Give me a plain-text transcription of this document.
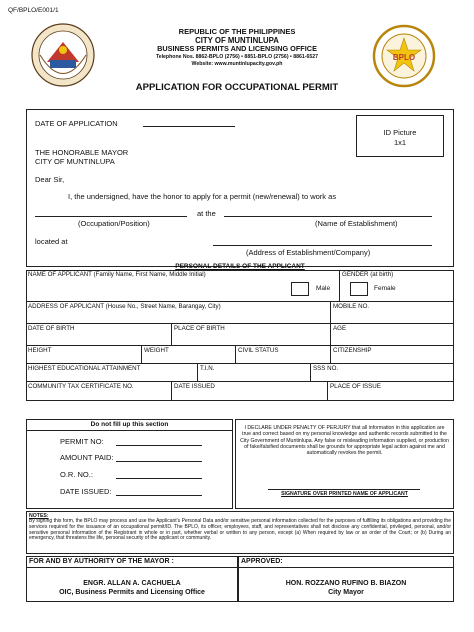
QF/BPLO/E001/1
BPLO
REPUBLIC OF THE PHILIPPINES
CITY OF MUNTINLUPA
BUSINESS PERMITS AND LICENSING OFFICE
Telephone Nos. 8862-BPLO (2756) • 8851-BPLO (2756) • 8861-6527
Website: www.muntinlupacity.gov.ph
APPLICATION FOR OCCUPATIONAL PERMIT
DATE OF APPLICATION
ID Picture
1x1
THE HONORABLE MAYOR
CITY OF MUNTINLUPA
Dear Sir,
I, the undersigned, have the honor to apply for a permit (new/renewal) to work as
at the
(Occupation/Position)	(Name of Establishment)
located at
(Address of Establishment/Company)
PERSONAL DETAILS OF THE APPLICANT
NAME OF APPLICANT (Family Name, First Name, Middle Initial)	GENDER (at birth)
Male	Female
ADDRESS OF APPLICANT (House No., Street Name, Barangay, City)	MOBILE NO.
DATE OF BIRTH	PLACE OF BIRTH	AGE
HEIGHT	WEIGHT	CIVIL STATUS	CITIZENSHIP
HIGHEST EDUCATIONAL ATTAINMENT	T.I.N.	SSS NO.
COMMUNITY TAX CERTIFICATE NO.	DATE ISSUED	PLACE OF ISSUE
Do not fill up this section
PERMIT NO:
AMOUNT PAID:
O.R. NO.:
DATE ISSUED:
I DECLARE UNDER PENALTY OF PERJURY that all information in this application are true and correct based on my personal knowledge and authentic records submitted to the City Government of Muntinlupa. Any false or misleading information supplied, or production of fake/falsified documents shall be grounds for appropriate legal action against me and automatically revokes the permit.
SIGNATURE OVER PRINTED NAME OF APPLICANT
NOTES:
By signing this form, the BPLO may process and use the Applicant's Personal Data and/or sensitive personal information collected for the purposes of fulfilling its obligations and providing the services required for the issuance of an occupational permit/ID. The BPLO, its officer, employees, staff, and representatives shall not disclose any confidential, privileged, personal, and/or sensitive personal information of the Registrant in whole or in part, whether verbal or written to any person, except (a) When required by law or an order of the Court; or (b) During an emergency, that threatens the life, personal security of the applicant or community.
FOR AND BY AUTHORITY OF THE MAYOR :	APPROVED:
ENGR. ALLAN A. CACHUELA
OIC, Business Permits and Licensing Office
HON. ROZZANO RUFINO B. BIAZON
City Mayor
